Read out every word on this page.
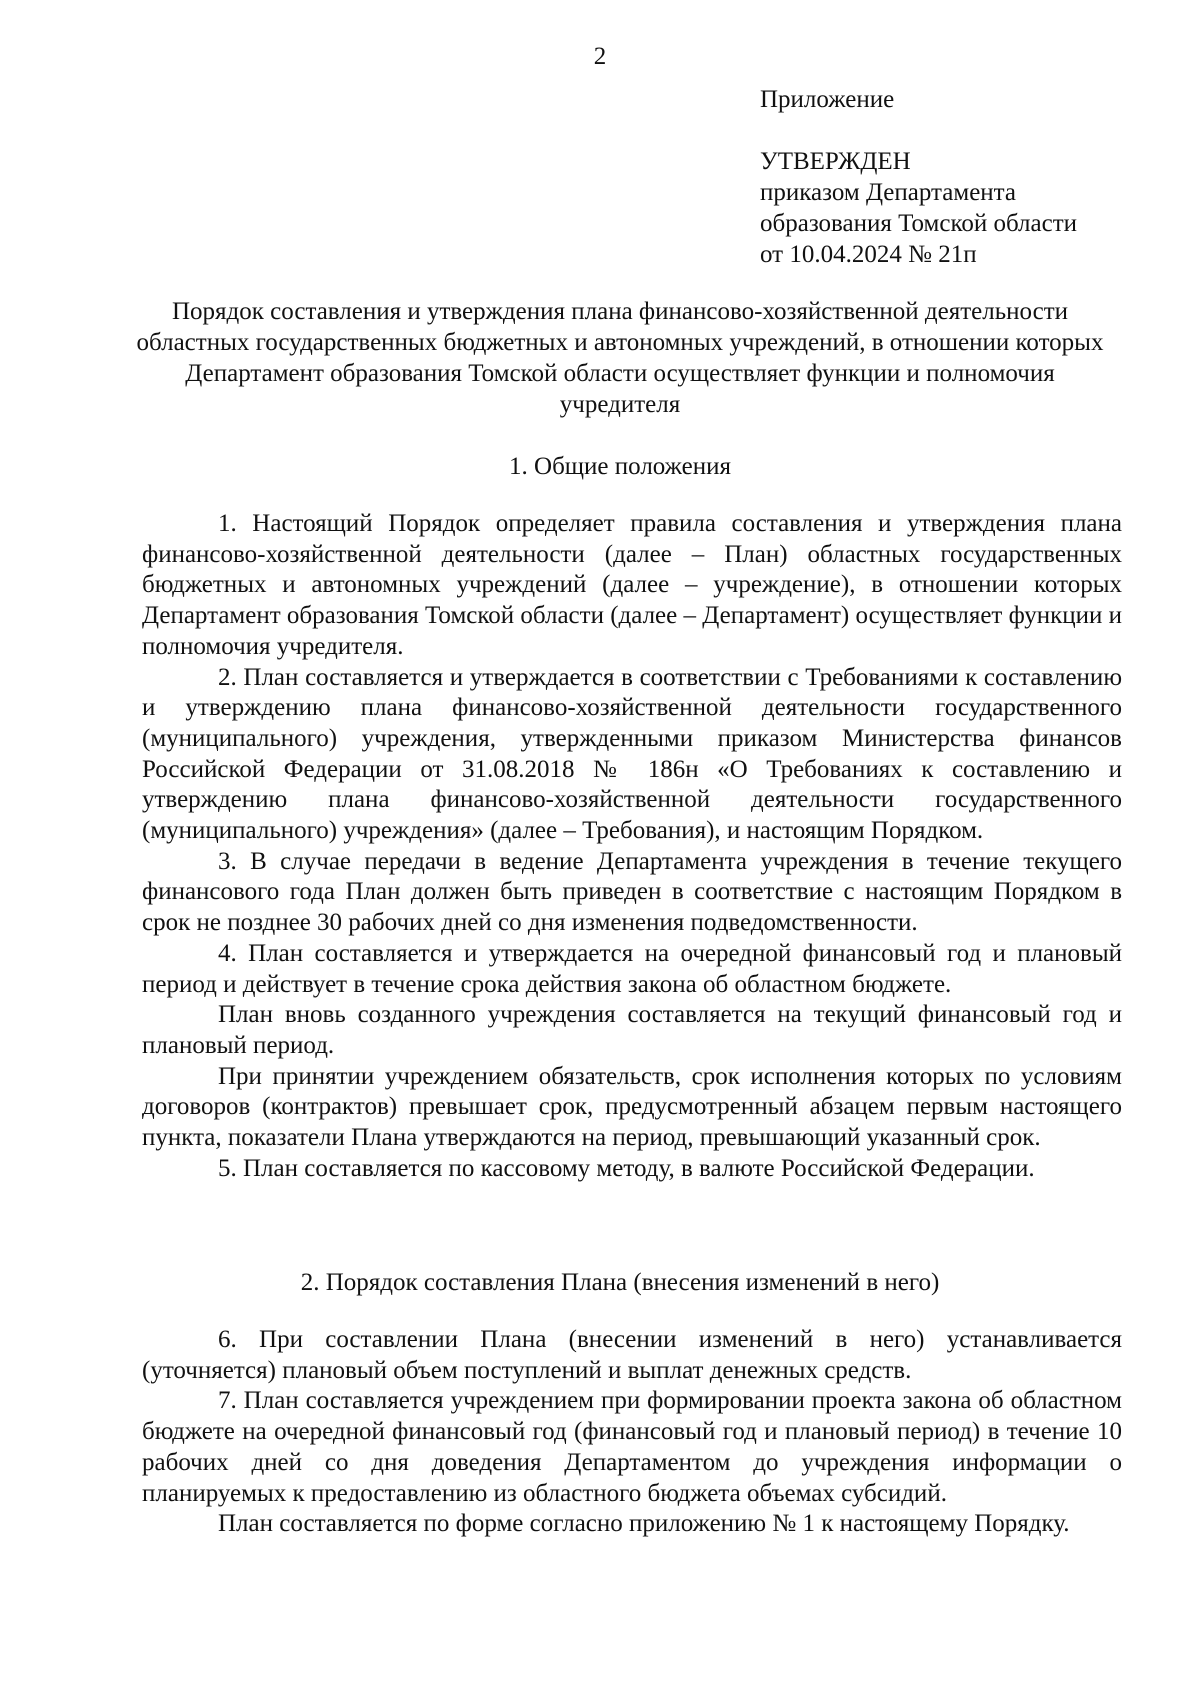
2
Приложение
УТВЕРЖДЕН
приказом Департамента
образования Томской области
от 10.04.2024 № 21п
Порядок составления и утверждения плана финансово-хозяйственной деятельности областных государственных бюджетных и автономных учреждений, в отношении которых Департамент образования Томской области осуществляет функции и полномочия учредителя
1. Общие положения

1. Настоящий Порядок определяет правила составления и утверждения плана финансово-хозяйственной деятельности (далее – План) областных государственных бюджетных и автономных учреждений (далее – учреждение), в отношении которых Департамент образования Томской области (далее – Департамент) осуществляет функции и полномочия учредителя.

2. План составляется и утверждается в соответствии с Требованиями к составлению и утверждению плана финансово-хозяйственной деятельности государственного (муниципального) учреждения, утвержденными приказом Министерства финансов Российской Федерации от 31.08.2018 № 186н «О Требованиях к составлению и утверждению плана финансово-хозяйственной деятельности государственного (муниципального) учреждения» (далее – Требования), и настоящим Порядком.

3. В случае передачи в ведение Департамента учреждения в течение текущего финансового года План должен быть приведен в соответствие с настоящим Порядком в срок не позднее 30 рабочих дней со дня изменения подведомственности.

4. План составляется и утверждается на очередной финансовый год и плановый период и действует в течение срока действия закона об областном бюджете.

План вновь созданного учреждения составляется на текущий финансовый год и плановый период.

При принятии учреждением обязательств, срок исполнения которых по условиям договоров (контрактов) превышает срок, предусмотренный абзацем первым настоящего пункта, показатели Плана утверждаются на период, превышающий указанный срок.

5. План составляется по кассовому методу, в валюте Российской Федерации.

2. Порядок составления Плана (внесения изменений в него)

6. При составлении Плана (внесении изменений в него) устанавливается (уточняется) плановый объем поступлений и выплат денежных средств.

7. План составляется учреждением при формировании проекта закона об областном бюджете на очередной финансовый год (финансовый год и плановый период) в течение 10 рабочих дней со дня доведения Департаментом до учреждения информации о планируемых к предоставлению из областного бюджета объемах субсидий.

План составляется по форме согласно приложению № 1 к настоящему Порядку.
